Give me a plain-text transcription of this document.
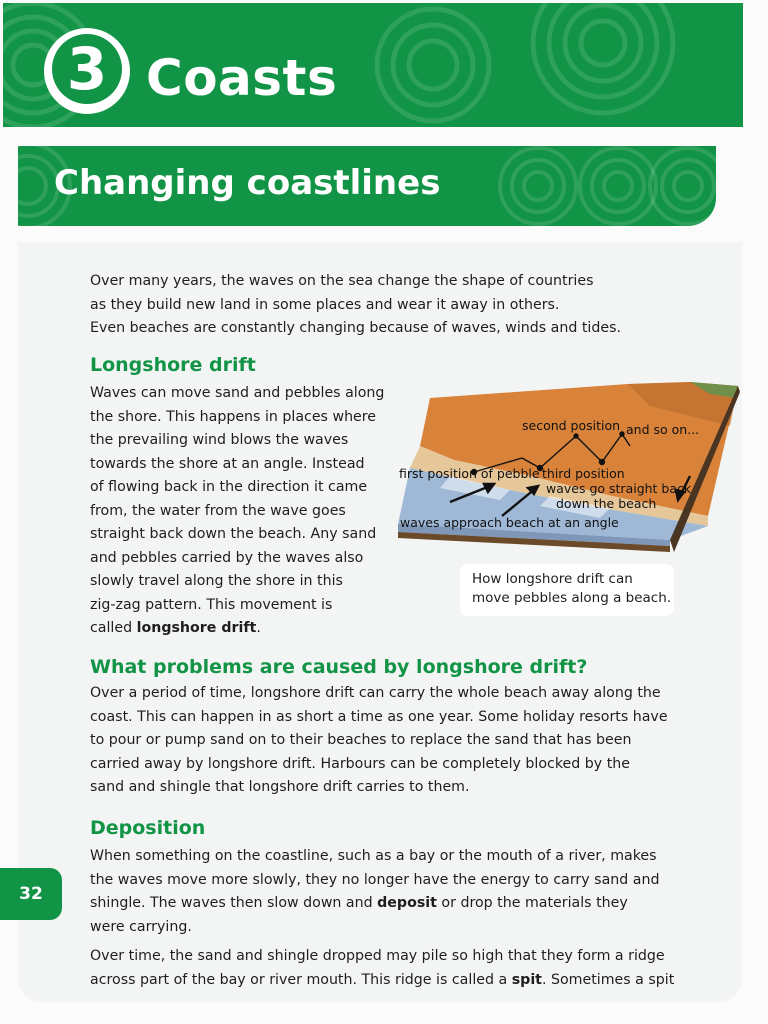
3 Coasts
Changing coastlines
Over many years, the waves on the sea change the shape of countries
as they build new land in some places and wear it away in others.
Even beaches are constantly changing because of waves, winds and tides.
Longshore drift
Waves can move sand and pebbles along
the shore. This happens in places where
the prevailing wind blows the waves
towards the shore at an angle. Instead
of flowing back in the direction it came
from, the water from the wave goes
straight back down the beach. Any sand
and pebbles carried by the waves also
slowly travel along the shore in this
zig-zag pattern. This movement is
called longshore drift.
second position and so on...
first position of pebble third position
waves go straight back
down the beach
waves approach beach at an angle
How longshore drift can
move pebbles along a beach.
What problems are caused by longshore drift?
Over a period of time, longshore drift can carry the whole beach away along the
coast. This can happen in as short a time as one year. Some holiday resorts have
to pour or pump sand on to their beaches to replace the sand that has been
carried away by longshore drift. Harbours can be completely blocked by the
sand and shingle that longshore drift carries to them.
Deposition
When something on the coastline, such as a bay or the mouth of a river, makes
the waves move more slowly, they no longer have the energy to carry sand and
shingle. The waves then slow down and deposit or drop the materials they
were carrying.
Over time, the sand and shingle dropped may pile so high that they form a ridge
across part of the bay or river mouth. This ridge is called a spit. Sometimes a spit
32
